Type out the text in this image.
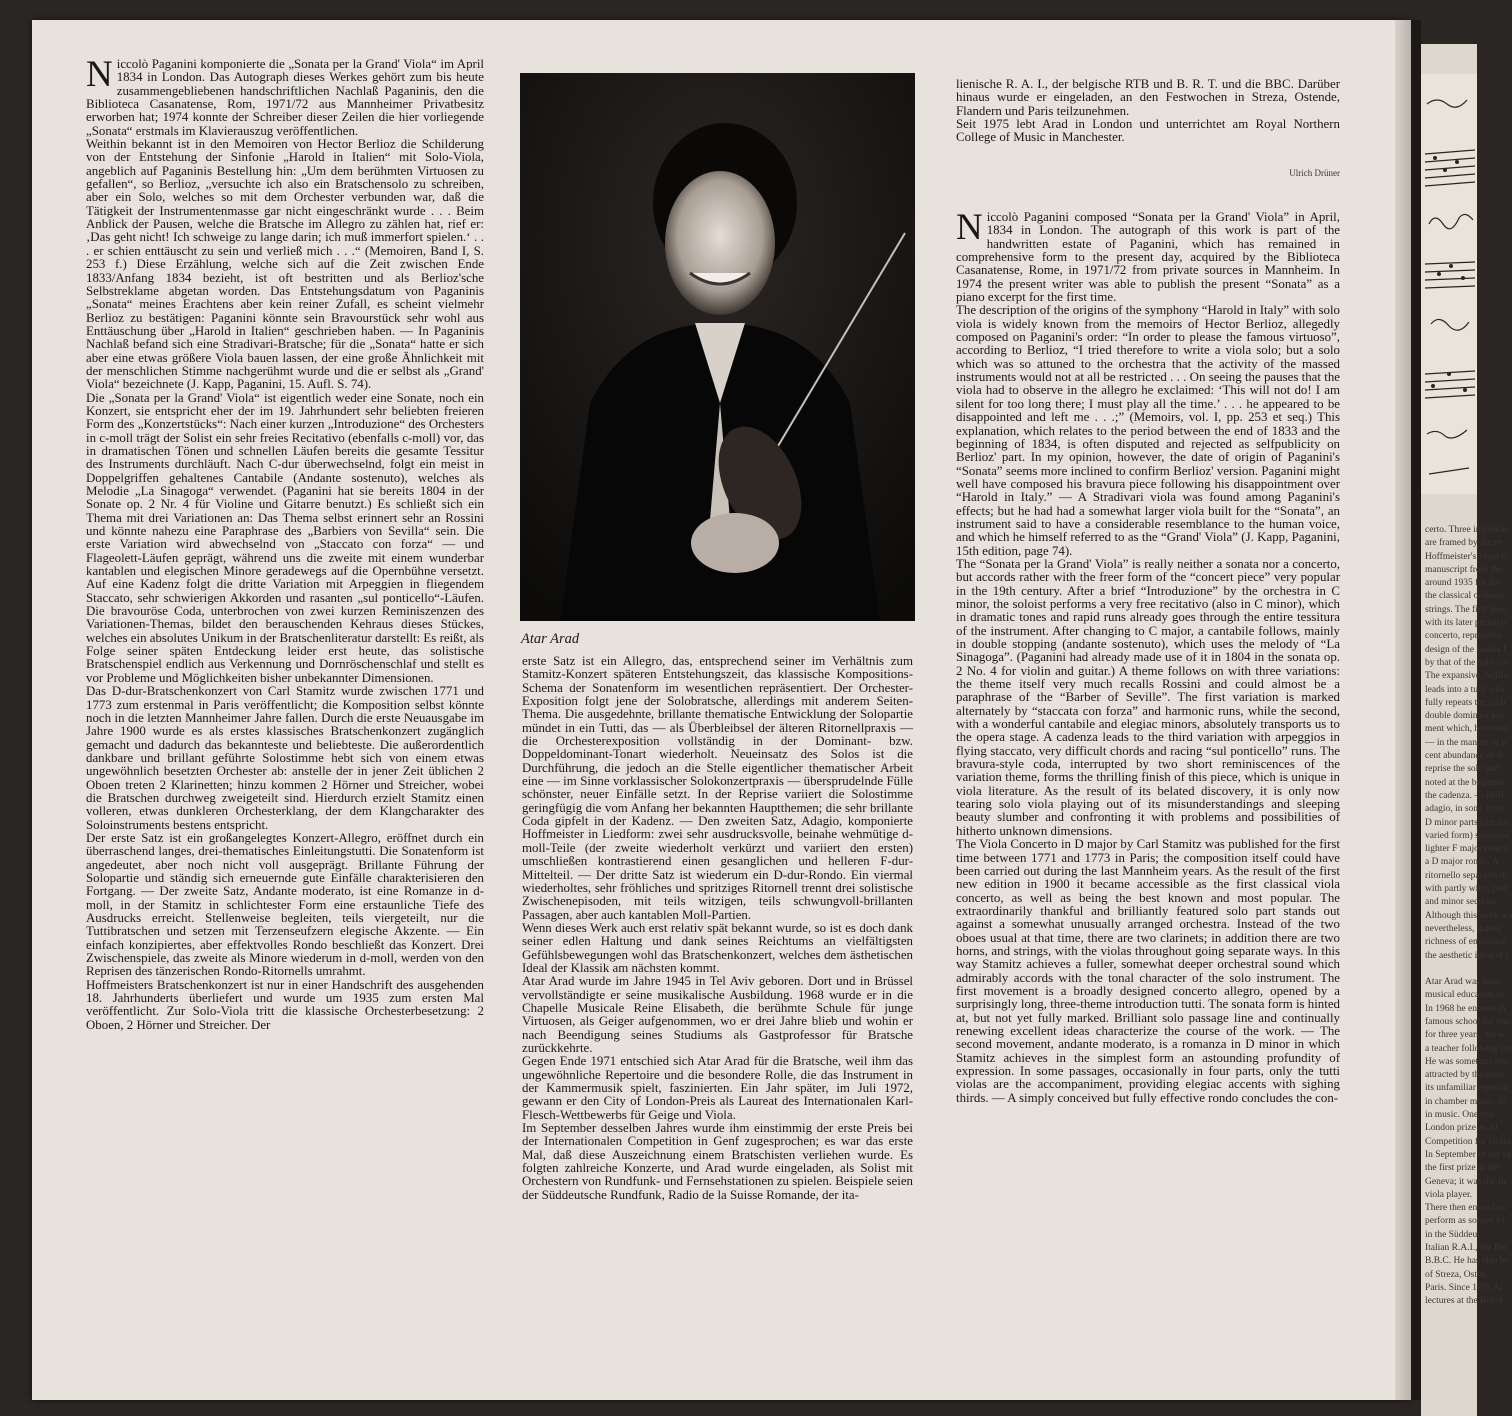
certo. Three interlude
are framed by the re
Hoffmeister's Viola C
manuscript from the
around 1935 for the
the classical orchestr
strings. The first mov
with its later period o
concerto, represents
design of the sonata f
by that of the solo vio
The expansive, brillia
leads into a tutti whic
fully repeats the orch
double dominant key.
ment which, however,
— in the manner of p
cent abundance of th
reprise the solo part
noted at the beginnin
the cadenza. — Hoff
adagio, in song form:
D minor parts (the sec
varied form) surround
lighter F major centre
a D major rondo. A
ritornello separates th
with partly witty, part
and minor sections.
Although this work wa
nevertheless, thanks
richness of emotional
the aesthetic ideal of t

Atar Arad was born
musical education in
In 1968 he entered th
famous school for you
for three years. He w
a teacher following his
He was sometime tow
attracted by the unus
its unfamiliar repertoi
in chamber music, de
in music. One yea
London prize as a l
Competition for violin
In September of the sa
the first prize at the
Geneva; it was the fir
viola player.
There then ensued nu
perform as soloist wi
in the Süddeut
Italian R.A.I., the Bel
B.B.C. He has also be
of Streza, Osten
Paris. Since 1975 Ar
lectures at the Royal
N iccolò Paganini komponierte die „Sonata per la Grand' Viola“ im April 1834 in London. Das Autograph dieses Werkes gehört zum bis heute zusammengebliebenen handschriftlichen Nachlaß Paganinis, den die Biblioteca Casanatense, Rom, 1971/72 aus Mannheimer Privatbesitz erworben hat; 1974 konnte der Schreiber dieser Zeilen die hier vorliegende „Sonata“ erstmals im Klavierauszug veröffentlichen.

Weithin bekannt ist in den Memoiren von Hector Berlioz die Schilderung von der Entstehung der Sinfonie „Harold in Italien“ mit Solo-Viola, angeblich auf Paganinis Bestellung hin: „Um dem berühmten Virtuosen zu gefallen“, so Berlioz, „versuchte ich also ein Bratschensolo zu schreiben, aber ein Solo, welches so mit dem Orchester verbunden war, daß die Tätigkeit der Instrumentenmasse gar nicht eingeschränkt wurde . . . Beim Anblick der Pausen, welche die Bratsche im Allegro zu zählen hat, rief er: ‚Das geht nicht! Ich schweige zu lange darin; ich muß immerfort spielen.‘ . . . er schien enttäuscht zu sein und verließ mich . . .“ (Memoiren, Band I, S. 253 f.) Diese Erzählung, welche sich auf die Zeit zwischen Ende 1833/Anfang 1834 bezieht, ist oft bestritten und als Berlioz'sche Selbstreklame abgetan worden. Das Entstehungsdatum von Paganinis „Sonata“ meines Erachtens aber kein reiner Zufall, es scheint vielmehr Berlioz zu bestätigen: Paganini könnte sein Bravourstück sehr wohl aus Enttäuschung über „Harold in Italien“ geschrieben haben. — In Paganinis Nachlaß befand sich eine Stradivari-Bratsche; für die „Sonata“ hatte er sich aber eine etwas größere Viola bauen lassen, der eine große Ähnlichkeit mit der menschlichen Stimme nachgerühmt wurde und die er selbst als „Grand' Viola“ bezeichnete (J. Kapp, Paganini, 15. Aufl. S. 74).

Die „Sonata per la Grand' Viola“ ist eigentlich weder eine Sonate, noch ein Konzert, sie entspricht eher der im 19. Jahrhundert sehr beliebten freieren Form des „Konzertstücks“: Nach einer kurzen „Introduzione“ des Orchesters in c-moll trägt der Solist ein sehr freies Recitativo (ebenfalls c-moll) vor, das in dramatischen Tönen und schnellen Läufen bereits die gesamte Tessitur des Instruments durchläuft. Nach C-dur überwechselnd, folgt ein meist in Doppelgriffen gehaltenes Cantabile (Andante sostenuto), welches als Melodie „La Sinagoga“ verwendet. (Paganini hat sie bereits 1804 in der Sonate op. 2 Nr. 4 für Violine und Gitarre benutzt.) Es schließt sich ein Thema mit drei Variationen an: Das Thema selbst erinnert sehr an Rossini und könnte nahezu eine Paraphrase des „Barbiers von Sevilla“ sein. Die erste Variation wird abwechselnd von „Staccato con forza“ — und Flageolett-Läufen geprägt, während uns die zweite mit einem wunderbar kantablen und elegischen Minore geradewegs auf die Opernbühne versetzt. Auf eine Kadenz folgt die dritte Variation mit Arpeggien in fliegendem Staccato, sehr schwierigen Akkorden und rasanten „sul ponticello“-Läufen. Die bravouröse Coda, unterbrochen von zwei kurzen Reminiszenzen des Variationen-Themas, bildet den berauschenden Kehraus dieses Stückes, welches ein absolutes Unikum in der Bratschenliteratur darstellt: Es reißt, als Folge seiner späten Entdeckung leider erst heute, das solistische Bratschenspiel endlich aus Verkennung und Dornröschenschlaf und stellt es vor Probleme und Möglichkeiten bisher unbekannter Dimensionen.

Das D-dur-Bratschenkonzert von Carl Stamitz wurde zwischen 1771 und 1773 zum erstenmal in Paris veröffentlicht; die Komposition selbst könnte noch in die letzten Mannheimer Jahre fallen. Durch die erste Neuausgabe im Jahre 1900 wurde es als erstes klassisches Bratschenkonzert zugänglich gemacht und dadurch das bekannteste und beliebteste. Die außerordentlich dankbare und brillant geführte Solostimme hebt sich von einem etwas ungewöhnlich besetzten Orchester ab: anstelle der in jener Zeit üblichen 2 Oboen treten 2 Klarinetten; hinzu kommen 2 Hörner und Streicher, wobei die Bratschen durchweg zweigeteilt sind. Hierdurch erzielt Stamitz einen volleren, etwas dunkleren Orchesterklang, der dem Klangcharakter des Soloinstruments bestens entspricht.

Der erste Satz ist ein großangelegtes Konzert-Allegro, eröffnet durch ein überraschend langes, drei-thematisches Einleitungstutti. Die Sonatenform ist angedeutet, aber noch nicht voll ausgeprägt. Brillante Führung der Solopartie und ständig sich erneuernde gute Einfälle charakterisieren den Fortgang. — Der zweite Satz, Andante moderato, ist eine Romanze in d-moll, in der Stamitz in schlichtester Form eine erstaunliche Tiefe des Ausdrucks erreicht. Stellenweise begleiten, teils viergeteilt, nur die Tuttibratschen und setzen mit Terzenseufzern elegische Akzente. — Ein einfach konzipiertes, aber effektvolles Rondo beschließt das Konzert. Drei Zwischenspiele, das zweite als Minore wiederum in d-moll, werden von den Reprisen des tänzerischen Rondo-Ritornells umrahmt.

Hoffmeisters Bratschenkonzert ist nur in einer Handschrift des ausgehenden 18. Jahrhunderts überliefert und wurde um 1935 zum ersten Mal veröffentlicht. Zur Solo-Viola tritt die klassische Orchesterbesetzung: 2 Oboen, 2 Hörner und Streicher. Der

Atar Arad

erste Satz ist ein Allegro, das, entsprechend seiner im Verhältnis zum Stamitz-Konzert späteren Entstehungszeit, das klassische Kompositions-Schema der Sonatenform im wesentlichen repräsentiert. Der Orchester-Exposition folgt jene der Solobratsche, allerdings mit anderem Seiten-Thema. Die ausgedehnte, brillante thematische Entwicklung der Solopartie mündet in ein Tutti, das — als Überbleibsel der älteren Ritornellpraxis — die Orchesterexposition vollständig in der Dominant- bzw. Doppeldominant-Tonart wiederholt. Neueinsatz des Solos ist die Durchführung, die jedoch an die Stelle eigentlicher thematischer Arbeit eine — im Sinne vorklassischer Solokonzertpraxis — übersprudelnde Fülle schönster, neuer Einfälle setzt. In der Reprise variiert die Solostimme geringfügig die vom Anfang her bekannten Hauptthemen; die sehr brillante Coda gipfelt in der Kadenz. — Den zweiten Satz, Adagio, komponierte Hoffmeister in Liedform: zwei sehr ausdrucksvolle, beinahe wehmütige d-moll-Teile (der zweite wiederholt verkürzt und variiert den ersten) umschließen kontrastierend einen gesanglichen und helleren F-dur-Mittelteil. — Der dritte Satz ist wiederum ein D-dur-Rondo. Ein viermal wiederholtes, sehr fröhliches und spritziges Ritornell trennt drei solistische Zwischenepisoden, mit teils witzigen, teils schwungvoll-brillanten Passagen, aber auch kantablen Moll-Partien.

Wenn dieses Werk auch erst relativ spät bekannt wurde, so ist es doch dank seiner edlen Haltung und dank seines Reichtums an vielfältigsten Gefühlsbewegungen wohl das Bratschenkonzert, welches dem ästhetischen Ideal der Klassik am nächsten kommt.

Atar Arad wurde im Jahre 1945 in Tel Aviv geboren. Dort und in Brüssel vervollständigte er seine musikalische Ausbildung. 1968 wurde er in die Chapelle Musicale Reine Elisabeth, die berühmte Schule für junge Virtuosen, als Geiger aufgenommen, wo er drei Jahre blieb und wohin er nach Beendigung seines Studiums als Gastprofessor für Bratsche zurückkehrte.

Gegen Ende 1971 entschied sich Atar Arad für die Bratsche, weil ihm das ungewöhnliche Repertoire und die besondere Rolle, die das Instrument in der Kammermusik spielt, faszinierten. Ein Jahr später, im Juli 1972, gewann er den City of London-Preis als Laureat des Internationalen Karl-Flesch-Wettbewerbs für Geige und Viola.

Im September desselben Jahres wurde ihm einstimmig der erste Preis bei der Internationalen Competition in Genf zugesprochen; es war das erste Mal, daß diese Auszeichnung einem Bratschisten verliehen wurde. Es folgten zahlreiche Konzerte, und Arad wurde eingeladen, als Solist mit Orchestern von Rundfunk- und Fernsehstationen zu spielen. Beispiele seien der Süddeutsche Rundfunk, Radio de la Suisse Romande, der ita-

lienische R. A. I., der belgische RTB und B. R. T. und die BBC. Darüber hinaus wurde er eingeladen, an den Festwochen in Streza, Ostende, Flandern und Paris teilzunehmen.

Seit 1975 lebt Arad in London und unterrichtet am Royal Northern College of Music in Manchester.

Ulrich Drüner
N iccolò Paganini composed “Sonata per la Grand' Viola” in April, 1834 in London. The autograph of this work is part of the handwritten estate of Paganini, which has remained in comprehensive form to the present day, acquired by the Biblioteca Casanatense, Rome, in 1971/72 from private sources in Mannheim. In 1974 the present writer was able to publish the present “Sonata” as a piano excerpt for the first time.

The description of the origins of the symphony “Harold in Italy” with solo viola is widely known from the memoirs of Hector Berlioz, allegedly composed on Paganini's order: “In order to please the famous virtuoso”, according to Berlioz, “I tried therefore to write a viola solo; but a solo which was so attuned to the orchestra that the activity of the massed instruments would not at all be restricted . . . On seeing the pauses that the viola had to observe in the allegro he exclaimed: ‘This will not do! I am silent for too long there; I must play all the time.’ . . . he appeared to be disappointed and left me . . .;” (Memoirs, vol. I, pp. 253 et seq.) This explanation, which relates to the period between the end of 1833 and the beginning of 1834, is often disputed and rejected as selfpublicity on Berlioz' part. In my opinion, however, the date of origin of Paganini's “Sonata” seems more inclined to confirm Berlioz' version. Paganini might well have composed his bravura piece following his disappointment over “Harold in Italy.” — A Stradivari viola was found among Paganini's effects; but he had had a somewhat larger viola built for the “Sonata”, an instrument said to have a considerable resemblance to the human voice, and which he himself referred to as the “Grand' Viola” (J. Kapp, Paganini, 15th edition, page 74).

The “Sonata per la Grand' Viola” is really neither a sonata nor a concerto, but accords rather with the freer form of the “concert piece” very popular in the 19th century. After a brief “Introduzione” by the orchestra in C minor, the soloist performs a very free recitativo (also in C minor), which in dramatic tones and rapid runs already goes through the entire tessitura of the instrument. After changing to C major, a cantabile follows, mainly in double stopping (andante sostenuto), which uses the melody of “La Sinagoga”. (Paganini had already made use of it in 1804 in the sonata op. 2 No. 4 for violin and guitar.) A theme follows on with three variations: the theme itself very much recalls Rossini and could almost be a paraphrase of the “Barber of Seville”. The first variation is marked alternately by “staccata con forza” and harmonic runs, while the second, with a wonderful cantabile and elegiac minors, absolutely transports us to the opera stage. A cadenza leads to the third variation with arpeggios in flying staccato, very difficult chords and racing “sul ponticello” runs. The bravura-style coda, interrupted by two short reminiscences of the variation theme, forms the thrilling finish of this piece, which is unique in viola literature. As the result of its belated discovery, it is only now tearing solo viola playing out of its misunderstandings and sleeping beauty slumber and confronting it with problems and possibilities of hitherto unknown dimensions.

The Viola Concerto in D major by Carl Stamitz was published for the first time between 1771 and 1773 in Paris; the composition itself could have been carried out during the last Mannheim years. As the result of the first new edition in 1900 it became accessible as the first classical viola concerto, as well as being the best known and most popular. The extraordinarily thankful and brilliantly featured solo part stands out against a somewhat unusually arranged orchestra. Instead of the two oboes usual at that time, there are two clarinets; in addition there are two horns, and strings, with the violas throughout going separate ways. In this way Stamitz achieves a fuller, somewhat deeper orchestral sound which admirably accords with the tonal character of the solo instrument. The first movement is a broadly designed concerto allegro, opened by a surprisingly long, three-theme introduction tutti. The sonata form is hinted at, but not yet fully marked. Brilliant solo passage line and continually renewing excellent ideas characterize the course of the work. — The second movement, andante moderato, is a romanza in D minor in which Stamitz achieves in the simplest form an astounding profundity of expression. In some passages, occasionally in four parts, only the tutti violas are the accompaniment, providing elegiac accents with sighing thirds. — A simply conceived but fully effective rondo concludes the con-
